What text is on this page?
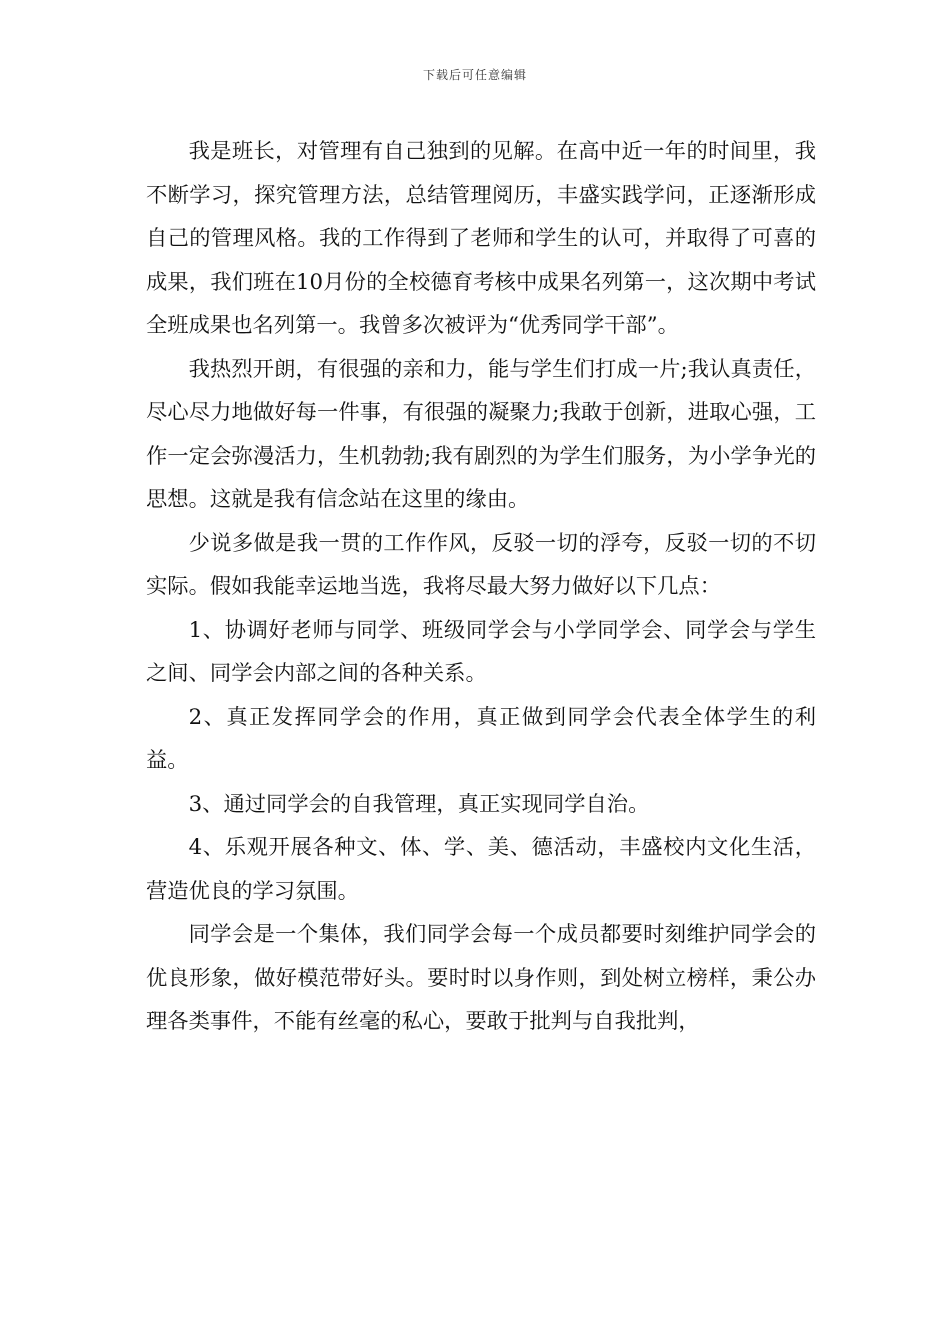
下载后可任意编辑

我是班长，对管理有自己独到的见解。在高中近一年的时间里，我不断学习，探究管理方法，总结管理阅历，丰盛实践学问，正逐渐形成自己的管理风格。我的工作得到了老师和学生的认可，并取得了可喜的成果，我们班在10月份的全校德育考核中成果名列第一，这次期中考试全班成果也名列第一。我曾多次被评为“优秀同学干部”。

我热烈开朗，有很强的亲和力，能与学生们打成一片;我认真责任，尽心尽力地做好每一件事，有很强的凝聚力;我敢于创新，进取心强，工作一定会弥漫活力，生机勃勃;我有剧烈的为学生们服务，为小学争光的思想。这就是我有信念站在这里的缘由。

少说多做是我一贯的工作作风，反驳一切的浮夸，反驳一切的不切实际。假如我能幸运地当选，我将尽最大努力做好以下几点：

1、协调好老师与同学、班级同学会与小学同学会、同学会与学生之间、同学会内部之间的各种关系。

2、真正发挥同学会的作用，真正做到同学会代表全体学生的利益。

3、通过同学会的自我管理，真正实现同学自治。

4、乐观开展各种文、体、学、美、德活动，丰盛校内文化生活，营造优良的学习氛围。

同学会是一个集体，我们同学会每一个成员都要时刻维护同学会的优良形象，做好模范带好头。要时时以身作则，到处树立榜样，秉公办理各类事件，不能有丝毫的私心，要敢于批判与自我批判，
